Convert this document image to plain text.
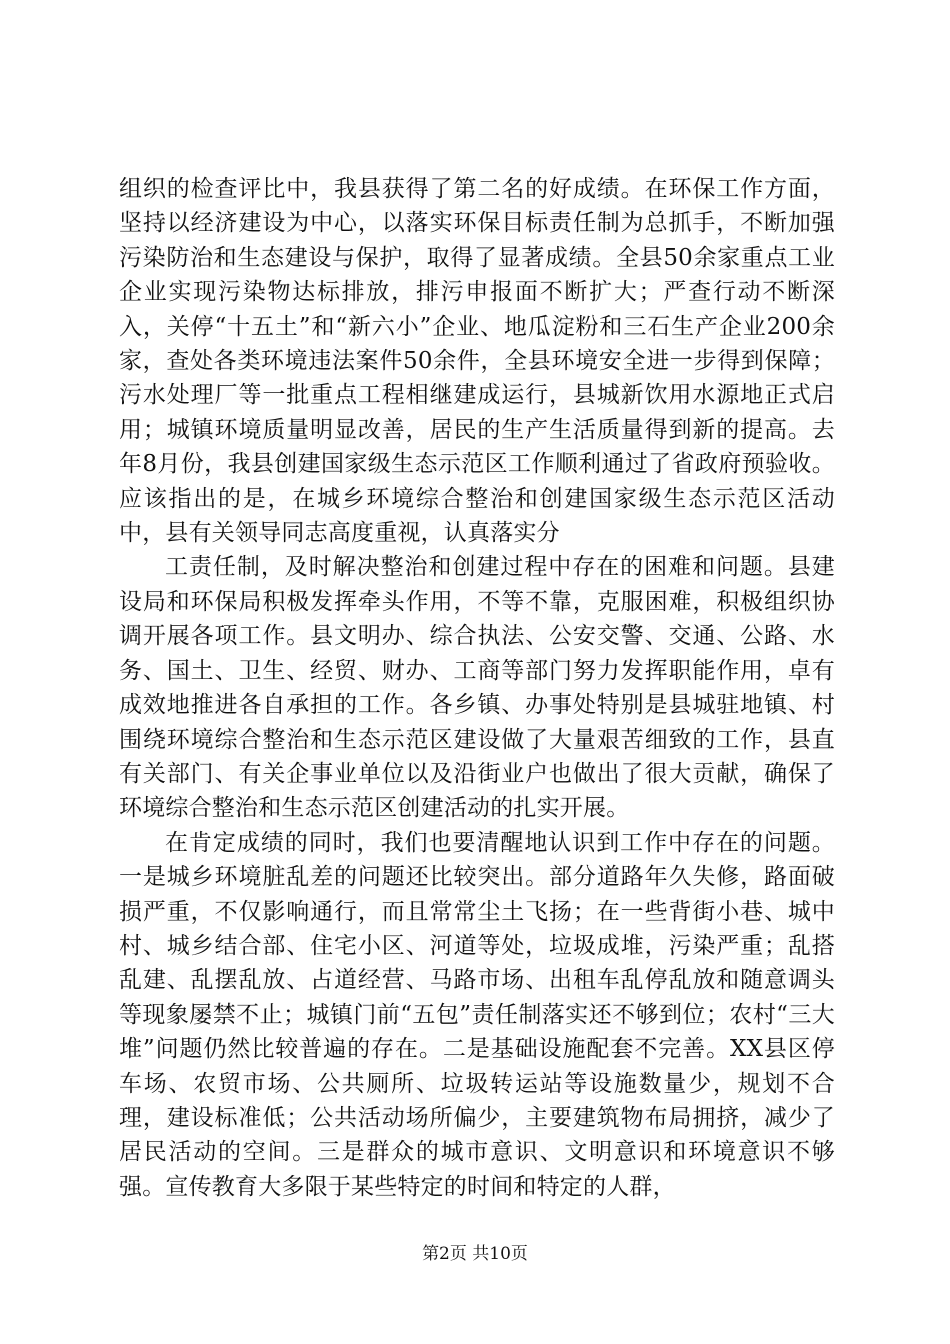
组织的检查评比中，我县获得了第二名的好成绩。在环保工作方面，坚持以经济建设为中心，以落实环保目标责任制为总抓手，不断加强污染防治和生态建设与保护，取得了显著成绩。全县50余家重点工业企业实现污染物达标排放，排污申报面不断扩大；严查行动不断深入，关停“十五土”和“新六小”企业、地瓜淀粉和三石生产企业200余家，查处各类环境违法案件50余件，全县环境安全进一步得到保障；污水处理厂等一批重点工程相继建成运行，县城新饮用水源地正式启用；城镇环境质量明显改善，居民的生产生活质量得到新的提高。去年8月份，我县创建国家级生态示范区工作顺利通过了省政府预验收。应该指出的是，在城乡环境综合整治和创建国家级生态示范区活动中，县有关领导同志高度重视，认真落实分

工责任制，及时解决整治和创建过程中存在的困难和问题。县建设局和环保局积极发挥牵头作用，不等不靠，克服困难，积极组织协调开展各项工作。县文明办、综合执法、公安交警、交通、公路、水务、国土、卫生、经贸、财办、工商等部门努力发挥职能作用，卓有成效地推进各自承担的工作。各乡镇、办事处特别是县城驻地镇、村围绕环境综合整治和生态示范区建设做了大量艰苦细致的工作，县直有关部门、有关企事业单位以及沿街业户也做出了很大贡献，确保了环境综合整治和生态示范区创建活动的扎实开展。

在肯定成绩的同时，我们也要清醒地认识到工作中存在的问题。一是城乡环境脏乱差的问题还比较突出。部分道路年久失修，路面破损严重，不仅影响通行，而且常常尘土飞扬；在一些背街小巷、城中村、城乡结合部、住宅小区、河道等处，垃圾成堆，污染严重；乱搭乱建、乱摆乱放、占道经营、马路市场、出租车乱停乱放和随意调头等现象屡禁不止；城镇门前“五包”责任制落实还不够到位；农村“三大堆”问题仍然比较普遍的存在。二是基础设施配套不完善。XX县区停车场、农贸市场、公共厕所、垃圾转运站等设施数量少，规划不合理，建设标准低；公共活动场所偏少，主要建筑物布局拥挤，减少了居民活动的空间。三是群众的城市意识、文明意识和环境意识不够强。宣传教育大多限于某些特定的时间和特定的人群，

第2页 共10页
